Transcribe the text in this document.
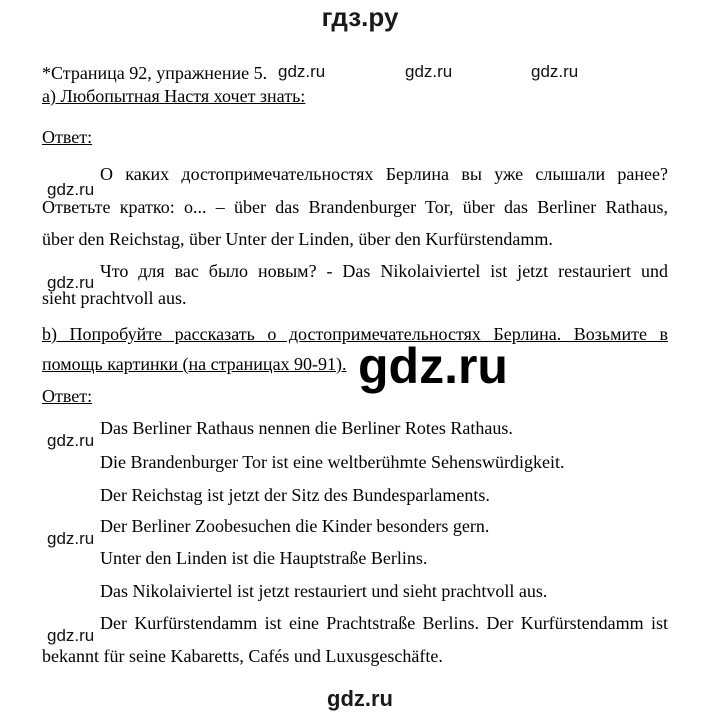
гдз.ру
gdz.ru
*Страница 92, упражнение 5. gdz.ru	gdz.ru	gdz.ru
a) Любопытная Настя хочет знать:
Ответ:
О каких достопримечательностях Берлина вы уже слышали ранее?
gdz.ru
Ответьте кратко: о... – über das Brandenburger Tor, über das Berliner Rathaus,
über den Reichstag, über Unter der Linden, über den Kurfürstendamm.
gdz.ru
Что для вас было новым? - Das Nikolaiviertel ist jetzt restauriert und
sieht prachtvoll aus.
b) Попробуйте рассказать о достопримечательностях Берлина. Возьмите в
помощь картинки (на страницах 90-91). gdz.ru
Ответ:
Das Berliner Rathaus nennen die Berliner Rotes Rathaus.
gdz.ru
Die Brandenburger Tor ist eine weltberühmte Sehenswürdigkeit.
Der Reichstag ist jetzt der Sitz des Bundesparlaments.
Der Berliner Zoobesuchen die Kinder besonders gern.
gdz.ru
Unter den Linden ist die Hauptstraße Berlins.
Das Nikolaiviertel ist jetzt restauriert und sieht prachtvoll aus.
Der Kurfürstendamm ist eine Prachtstraße Berlins. Der Kurfürstendamm ist
gdz.ru
bekannt für seine Kabaretts, Cafés und Luxusgeschäfte.
